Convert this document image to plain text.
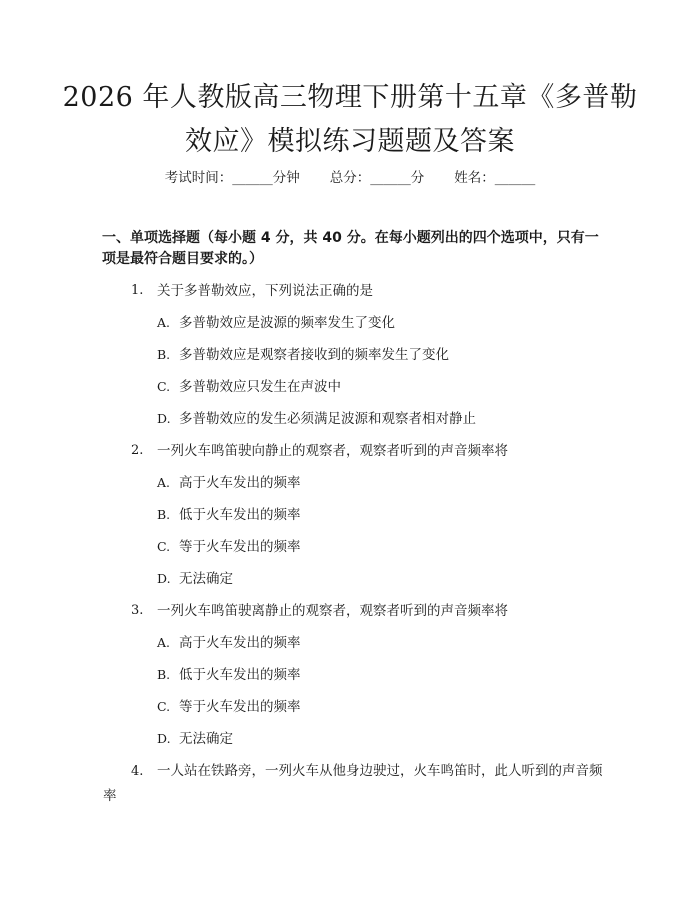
2026 年人教版高三物理下册第十五章《多普勒效应》模拟练习题题及答案
考试时间：______分钟 总分：______分 姓名：______
一、单项选择题（每小题 4 分，共 40 分。在每小题列出的四个选项中，只有一项是最符合题目要求的。）
1. 关于多普勒效应，下列说法正确的是
A. 多普勒效应是波源的频率发生了变化
B. 多普勒效应是观察者接收到的频率发生了变化
C. 多普勒效应只发生在声波中
D. 多普勒效应的发生必须满足波源和观察者相对静止
2. 一列火车鸣笛驶向静止的观察者，观察者听到的声音频率将
A. 高于火车发出的频率
B. 低于火车发出的频率
C. 等于火车发出的频率
D. 无法确定
3. 一列火车鸣笛驶离静止的观察者，观察者听到的声音频率将
A. 高于火车发出的频率
B. 低于火车发出的频率
C. 等于火车发出的频率
D. 无法确定
4. 一人站在铁路旁，一列火车从他身边驶过，火车鸣笛时，此人听到的声音频率
